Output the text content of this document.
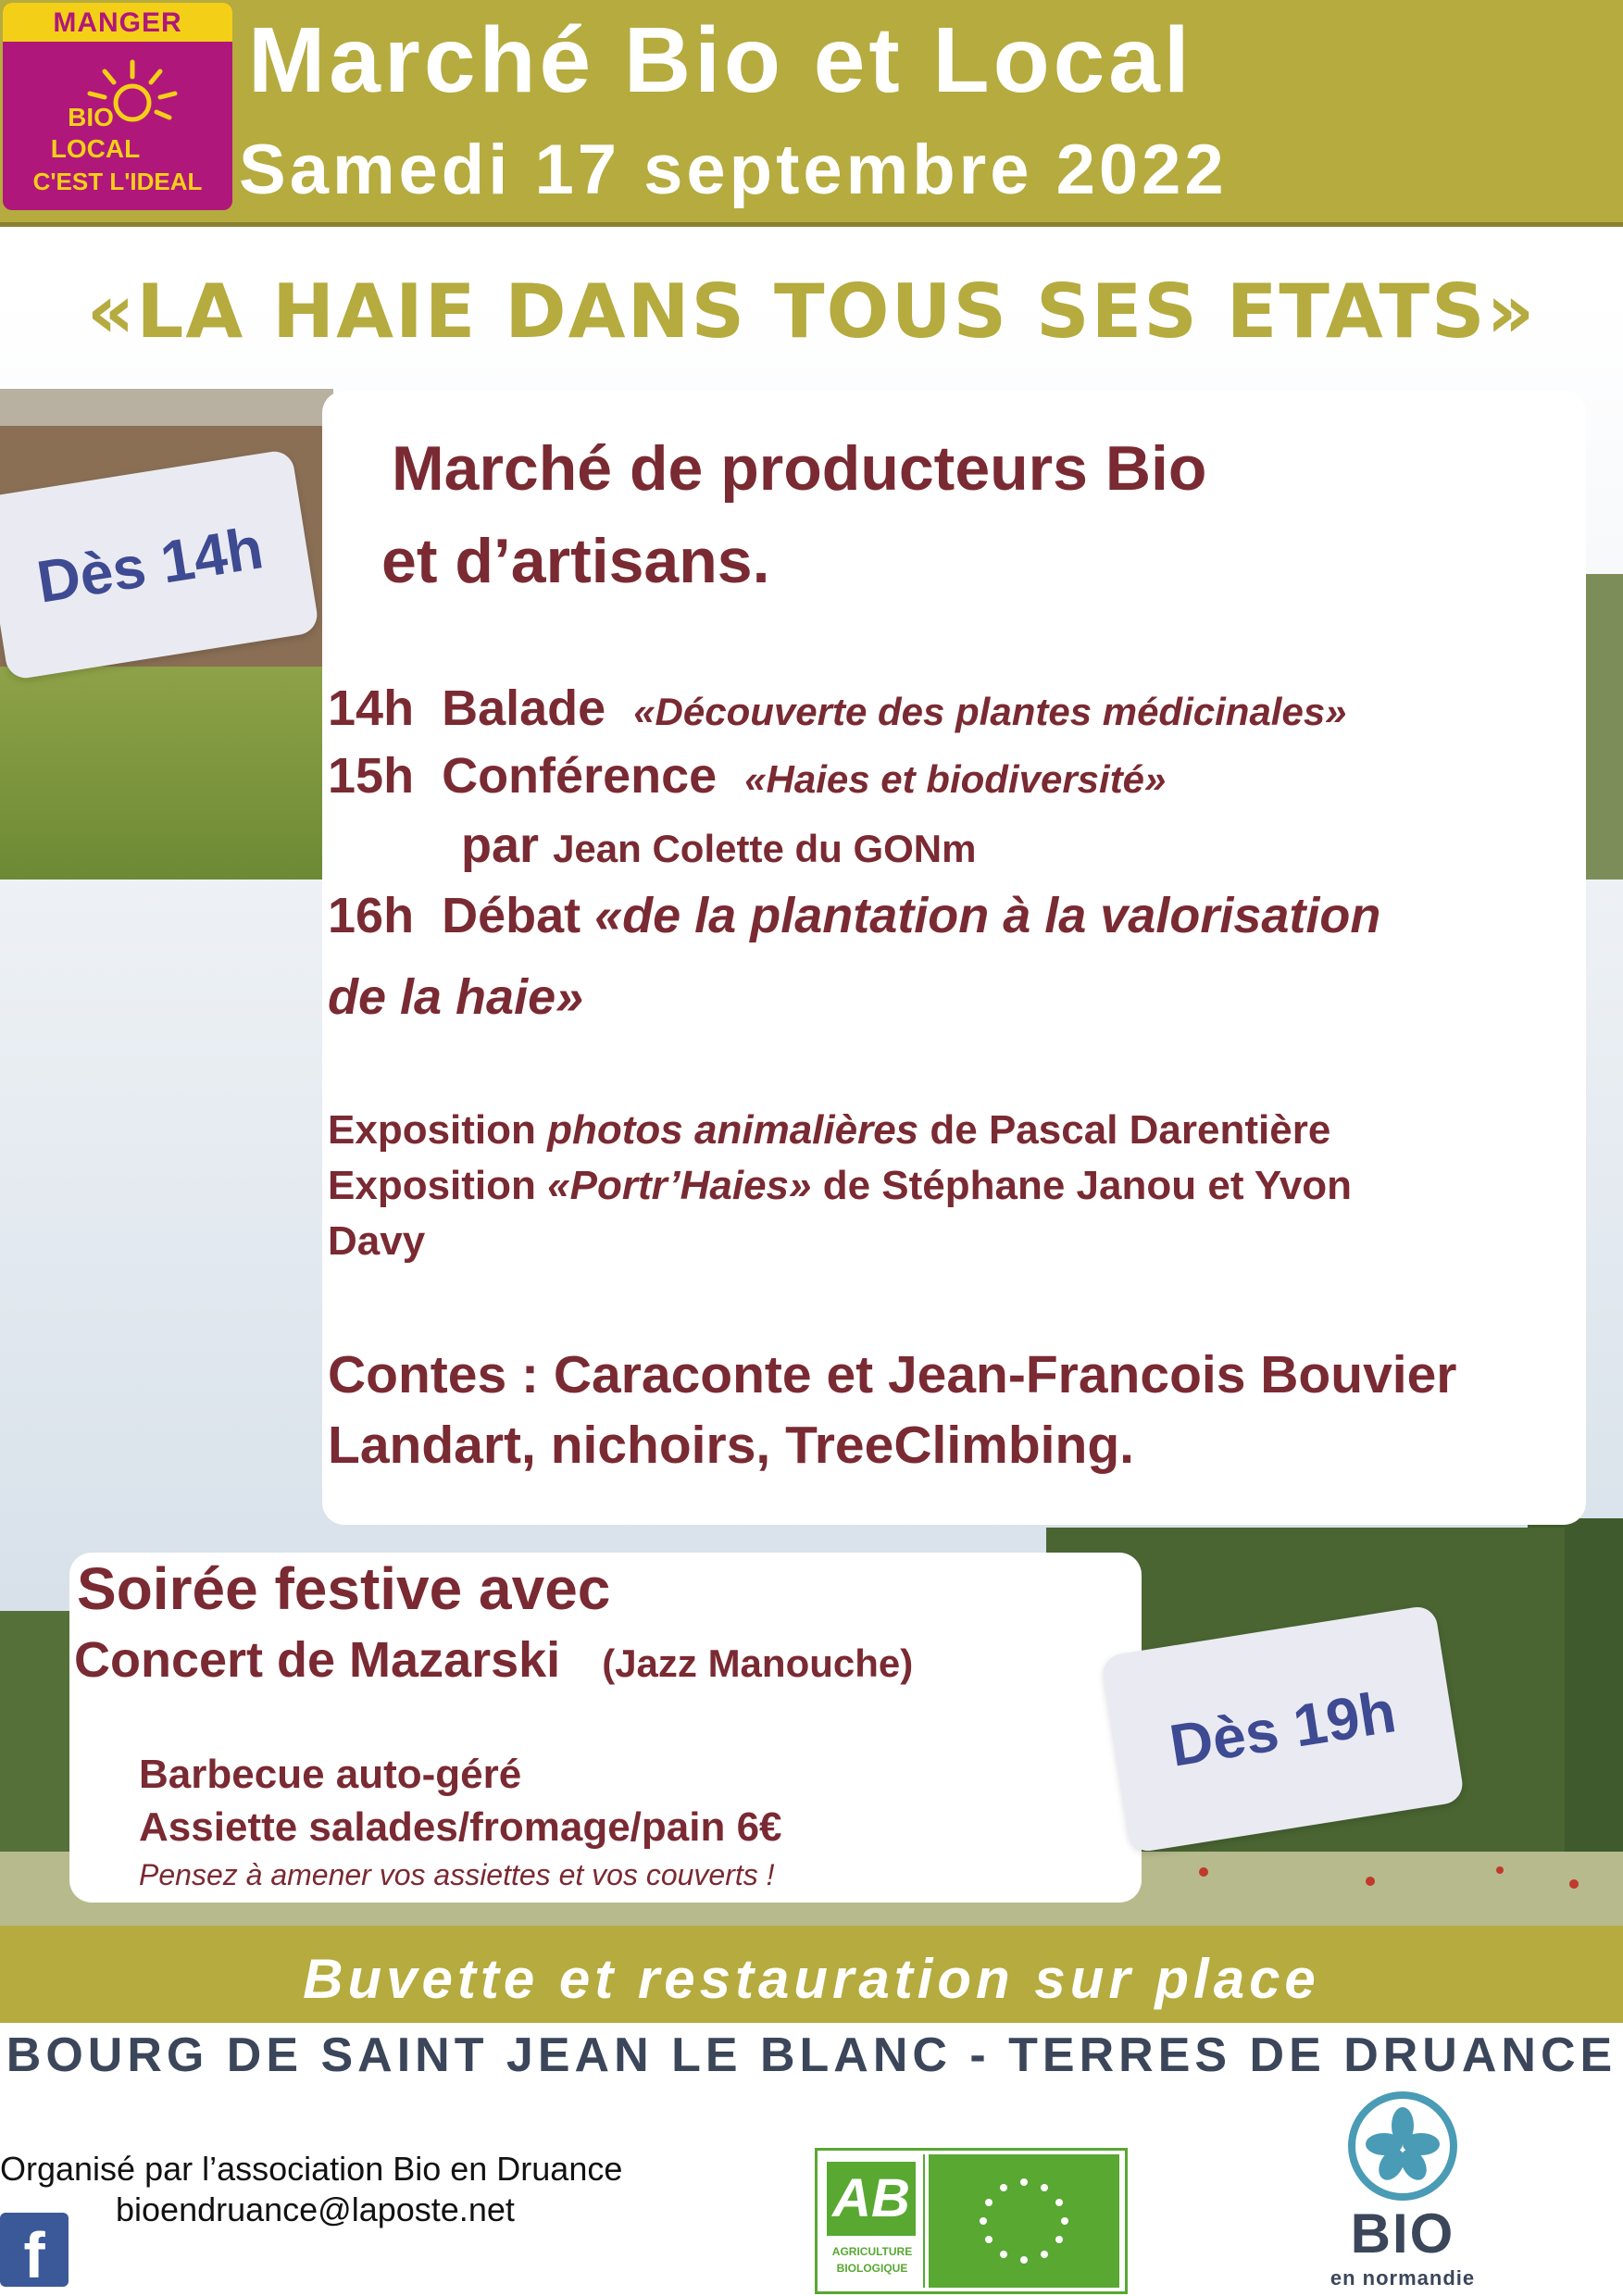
MANGER
BIO
LOCAL
C'EST L'IDEAL
Marché Bio et Local
Samedi 17 septembre 2022
«LA HAIE DANS TOUS SES ETATS»
Marché de producteurs Bio
et d’artisans.
14h Balade «Découverte des plantes médicinales»
15h Conférence «Haies et biodiversité»
par Jean Colette du GONm
16h Débat «de la plantation à la valorisation
de la haie»
Exposition photos animalières de Pascal Darentière
Exposition «Portr’Haies» de Stéphane Janou et Yvon
Davy
Contes : Caraconte et Jean-Francois Bouvier
Landart, nichoirs, TreeClimbing.
Dès 14h
Soirée festive avec
Concert de Mazarski (Jazz Manouche)
Barbecue auto-géré
Assiette salades/fromage/pain 6€
Pensez à amener vos assiettes et vos couverts !
Dès 19h
Buvette et restauration sur place
BOURG DE SAINT JEAN LE BLANC - TERRES DE DRUANCE
Organisé par l’association Bio en Druance
bioendruance@laposte.net
f
AB
AGRICULTURE
BIOLOGIQUE
BIO
en normandie
